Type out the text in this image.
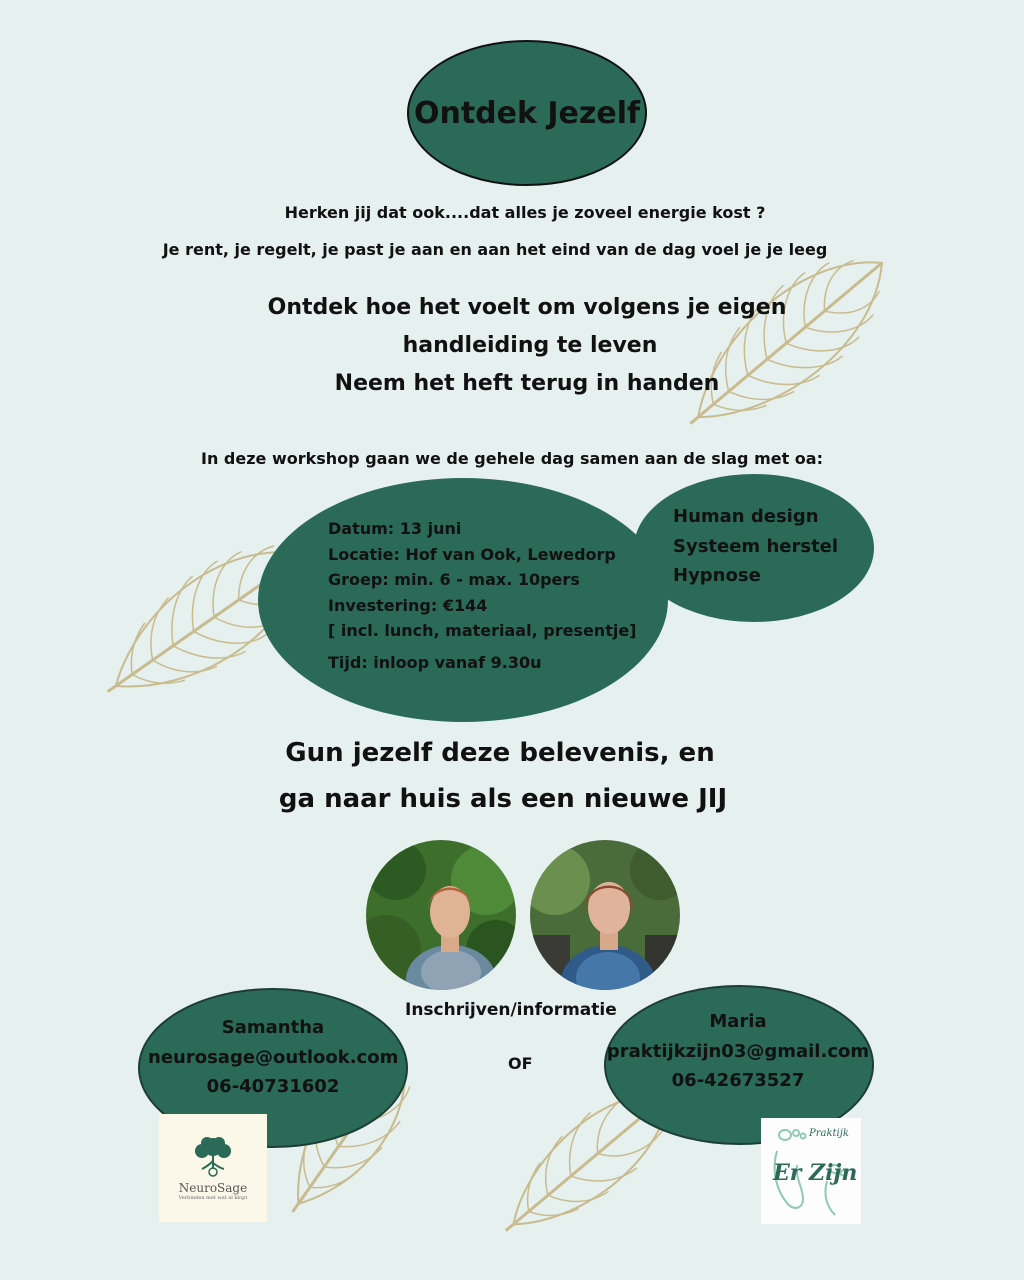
Ontdek Jezelf
Herken jij dat ook....dat alles je zoveel energie kost ?
Je rent, je regelt, je past je aan en aan het eind van de dag voel je je leeg
Ontdek hoe het voelt om volgens je eigen
handleiding te leven
Neem het heft terug in handen
In deze workshop gaan we de gehele dag samen aan de slag met oa:
Datum: 13 juni
Locatie: Hof van Ook, Lewedorp
Groep: min. 6 - max. 10pers
Investering: €144
[ incl. lunch, materiaal, presentje]
Tijd: inloop vanaf 9.30u
Human design
Systeem herstel
Hypnose
Gun jezelf deze belevenis, en
ga naar huis als een nieuwe JIJ
Inschrijven/informatie
OF
Samantha
neurosage@outlook.com
06-40731602
Maria
praktijkzijn03@gmail.com
06-42673527
NeuroSage
Verbinden met wat al klopt
Praktijk
Er Zijn
